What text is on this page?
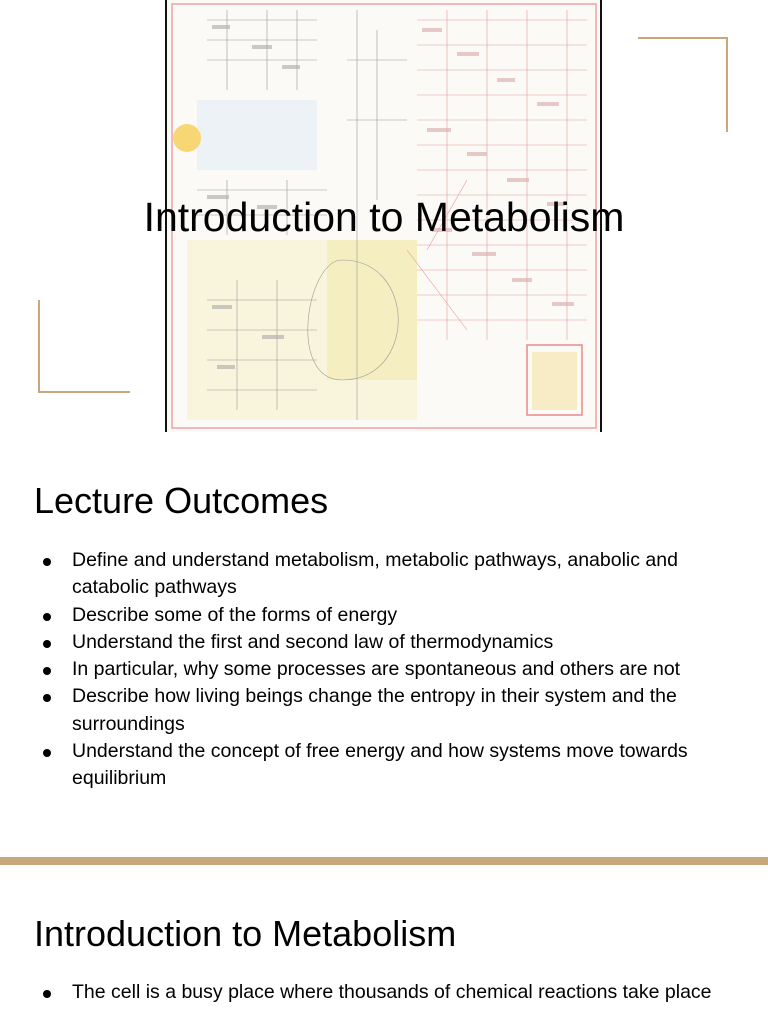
Introduction to Metabolism
Lecture Outcomes
Define and understand metabolism, metabolic pathways, anabolic and catabolic pathways
Describe some of the forms of energy
Understand the first and second law of thermodynamics
In particular, why some processes are spontaneous and others are not
Describe how living beings change the entropy in their system and the surroundings
Understand the concept of free energy and how systems move towards equilibrium
Introduction to Metabolism
The cell is a busy place where thousands of chemical reactions take place
